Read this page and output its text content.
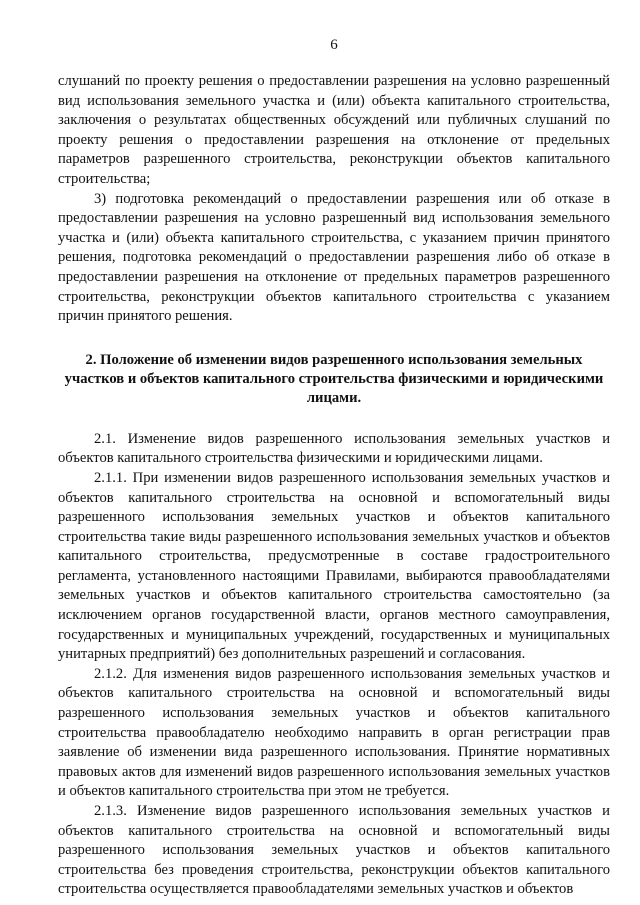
6

слушаний по проекту решения о предоставлении разрешения на условно разрешенный вид использования земельного участка и (или) объекта капитального строительства, заключения о результатах общественных обсуждений или публичных слушаний по проекту решения о предоставлении разрешения на отклонение от предельных параметров разрешенного строительства, реконструкции объектов капитального строительства;

3) подготовка рекомендаций о предоставлении разрешения или об отказе в предоставлении разрешения на условно разрешенный вид использования земельного участка и (или) объекта капитального строительства, с указанием причин принятого решения, подготовка рекомендаций о предоставлении разрешения либо об отказе в предоставлении разрешения на отклонение от предельных параметров разрешенного строительства, реконструкции объектов капитального строительства с указанием причин принятого решения.

2. Положение об изменении видов разрешенного использования земельных участков и объектов капитального строительства физическими и юридическими лицами.

2.1. Изменение видов разрешенного использования земельных участков и объектов капитального строительства физическими и юридическими лицами.

2.1.1. При изменении видов разрешенного использования земельных участков и объектов капитального строительства на основной и вспомогательный виды разрешенного использования земельных участков и объектов капитального строительства такие виды разрешенного использования земельных участков и объектов капитального строительства, предусмотренные в составе градостроительного регламента, установленного настоящими Правилами, выбираются правообладателями земельных участков и объектов капитального строительства самостоятельно (за исключением органов государственной власти, органов местного самоуправления, государственных и муниципальных учреждений, государственных и муниципальных унитарных предприятий) без дополнительных разрешений и согласования.

2.1.2. Для изменения видов разрешенного использования земельных участков и объектов капитального строительства на основной и вспомогательный виды разрешенного использования земельных участков и объектов капитального строительства правообладателю необходимо направить в орган регистрации прав заявление об изменении вида разрешенного использования. Принятие нормативных правовых актов для изменений видов разрешенного использования земельных участков и объектов капитального строительства при этом не требуется.

2.1.3. Изменение видов разрешенного использования земельных участков и объектов капитального строительства на основной и вспомогательный виды разрешенного использования земельных участков и объектов капитального строительства без проведения строительства, реконструкции объектов капитального строительства осуществляется правообладателями земельных участков и объектов
